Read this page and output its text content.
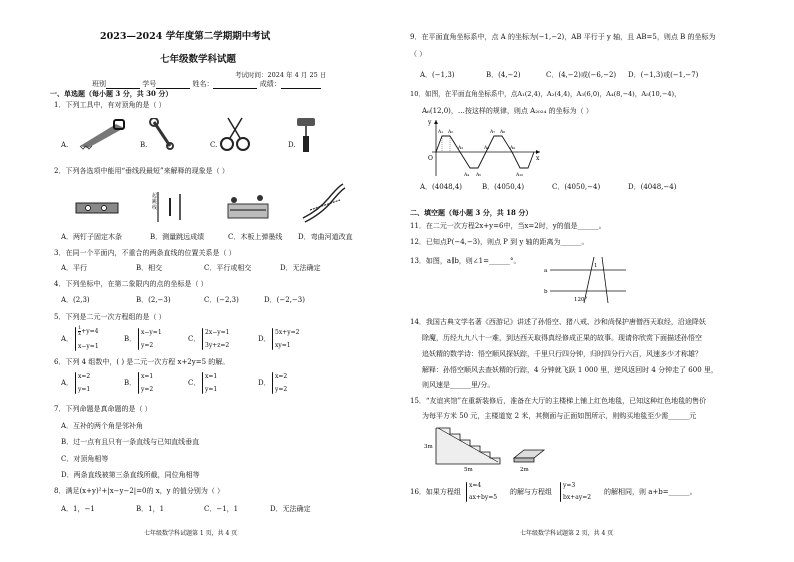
2023—2024 学年度第二学期期中考试
七年级数学科试题
考试时间：2024 年 4 月 25 日
班别	学号	姓名：	成绩：
一、单选题（每小题 3 分，共 30 分）
1．下列工具中，有对顶角的是（ ）
A.	B.	C.	D.
2．下列各选项中能用“垂线段最短”来解释的现象是（ ）
起跳线
A．两钉子固定木条	B．测量跳远成绩	C．木板上弹墨线 D．弯曲河道改直
3．在同一个平面内，不重合的两条直线的位置关系是（ ）
A．平行	B．相交	C．平行或相交	D．无法确定
4．下列坐标中，在第二象限内的点的坐标是（ ）
A．(2,3)	B．(2,−3)	C．(−2,3)	D．(−2,−3)
5．下列是二元一次方程组的是（ ）
A．
$\frac{1}{x} +y=4$
x−y=1
B．
x−y=1
y=2
C．
2x−y=1
3y+z=2
D．
5x+y=2
xy=1
6．下列 4 组数中，( ) 是二元一次方程 x+2y=5 的解。
A．
x=2
y=1
B．
x=1
y=2
C．
x=1
y=1
D．
x=2
y=2
7．下列命题是真命题的是（ ）
A．互补的两个角是邻补角
B．过一点有且只有一条直线与已知直线垂直
C．对顶角相等
D．两条直线被第三条直线所截，同位角相等
8．满足(x+y)²+|x−y−2|=0的 x，y 的值分别为（ ）
A．1，−1	B．1，1	C．−1，1	D．无法确定
七年级数学科试题第 1 页，共 4 页
9．在平面直角坐标系中，点 A 的坐标为(−1,−2)，AB 平行于 y 轴，且 AB=5，则点 B 的坐标为
（ ）
A．(−1,3)	B．(4,−2)	C．(4,−2)或(−6,−2) D．(−1,3)或(−1,−7)
10．如图，在平面直角坐标系中，点A₁(2,4)，A₂(4,4)，A₃(6,0)，A₄(8,−4)，A₅(10,−4)，
A₆(12,0)，…按这样的规律，则点 A₂₀₂₄ 的坐标为（ ）
y
x
O
A₁ A₂
A₃
A₄ A₅
A₆
A₇ A₈
A₉
A₁₀
A．(4048,4)	B．(4050,4)	C．(4050,−4)	D．(4048,−4)
二、填空题（每小题 3 分，共 18 分）
11．在二元一次方程2x+y=6中，当x=2时，y的值是______。
12．已知点P(−4,−3)，则点 P 到 y 轴的距离为______。
13．如图，a∥b，则∠1=______°。
a
b
1
120°
14．我国古典文学名著《西游记》讲述了孙悟空、猪八戒、沙和尚保护唐僧西天取经，沿途降妖
除魔，历经九九八十一难，到达西天取得真经修成正果的故事。现请你欣赏下面描述孙悟空
追妖精的数学诗：悟空顺风探妖踪，千里只行四分钟，归时四分行六百，风速多少才称雄？
解释：孙悟空顺风去查妖精的行踪，4 分钟就飞跃 1 000 里，逆风返回时 4 分钟走了 600 里，
则风速是______里/分。
15．“友谊宾馆”在重新装修后，准备在大厅的主楼梯上铺上红色地毯，已知这种红色地毯的售价
为每平方米 50 元，主楼道宽 2 米，其侧面与正面如图所示，则购买地毯至少需______元
3m
5m	2m
16．如果方程组
x=4
ax+by=5
的解与方程组
y=3
bx+ay=2
的解相同，则 a+b=______。
七年级数学科试题第 2 页，共 4 页
